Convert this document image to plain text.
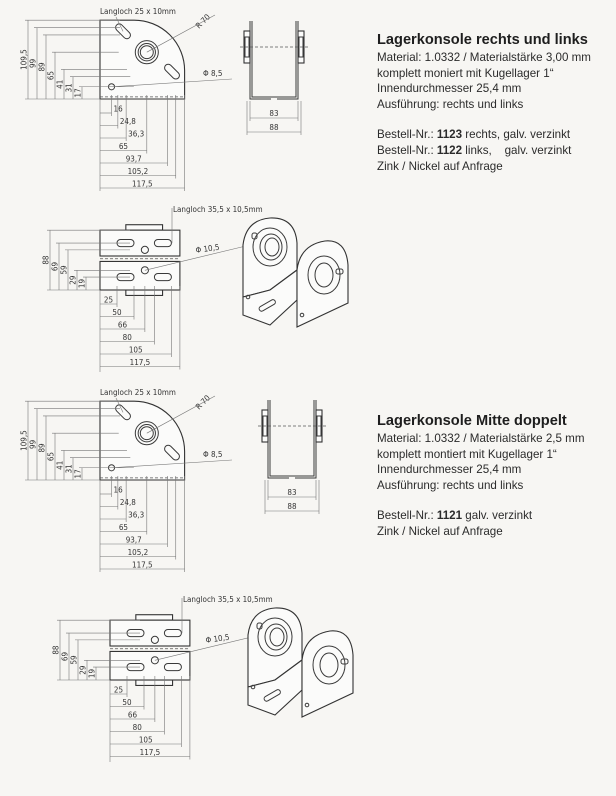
109,5 99 89
65
41 31
17
16
24,8
36,3
65
93,7
105,2
117,5
Langloch 25 x 10mm
R 70
Φ 8,5
83
88
88
69 59
29 19
25
50
66
80
105
117,5
Langloch 35,5 x 10,5mm
Φ 10,5
109,5 99 89
65
41 31
17
16
24,8
36,3
65
93,7
105,2
117,5
Langloch 25 x 10mm
R 70
Φ 8,5
83
88
88
69 59
29 19
25
50
66
80
105
117,5
Langloch 35,5 x 10,5mm
Φ 10,5
Lagerkonsole rechts und links

Material: 1.0332 / Materialstärke 3,00 mm

komplett moniert mit Kugellager 1“

Innendurchmesser 25,4 mm

Ausführung: rechts und links

Bestell-Nr.: 1123 rechts, galv. verzinkt

Bestell-Nr.: 1122 links,    galv. verzinkt

Zink / Nickel auf Anfrage

Lagerkonsole Mitte doppelt

Material: 1.0332 / Materialstärke 2,5 mm

komplett montiert mit Kugellager 1“

Innendurchmesser 25,4 mm

Ausführung: rechts und links

Bestell-Nr.: 1121 galv. verzinkt

Zink / Nickel auf Anfrage
